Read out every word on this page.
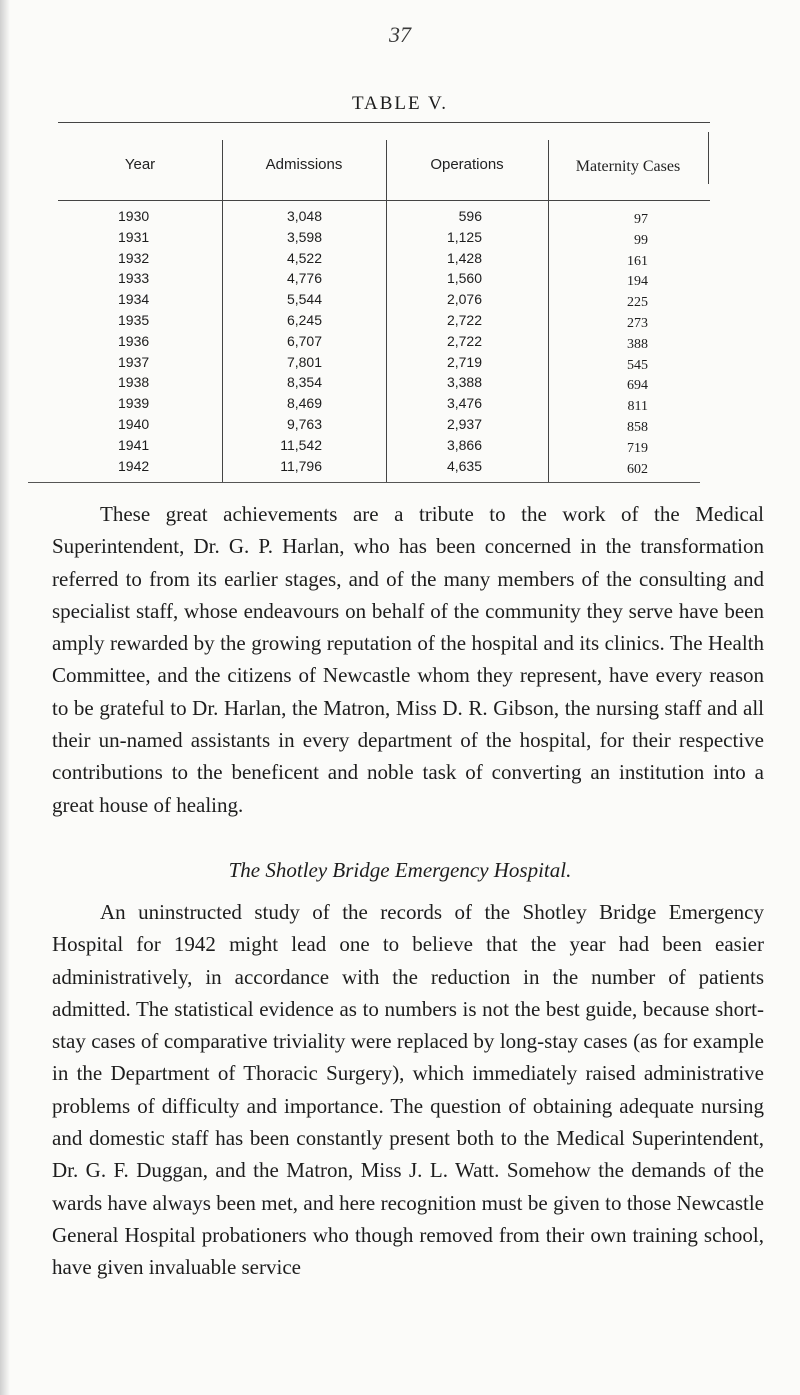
37
TABLE V.
Year	Admissions	Operations	Maternity Cases
1930	3,048	596	97
1931	3,598	1,125	99
1932	4,522	1,428	161
1933	4,776	1,560	194
1934	5,544	2,076	225
1935	6,245	2,722	273
1936	6,707	2,722	388
1937	7,801	2,719	545
1938	8,354	3,388	694
1939	8,469	3,476	811
1940	9,763	2,937	858
1941	11,542	3,866	719
1942	11,796	4,635	602

These great achievements are a tribute to the work of the Medical Superintendent, Dr. G. P. Harlan, who has been concerned in the transformation referred to from its earlier stages, and of the many members of the consulting and specialist staff, whose endeavours on behalf of the community they serve have been amply rewarded by the growing reputation of the hospital and its clinics. The Health Committee, and the citizens of Newcastle whom they represent, have every reason to be grateful to Dr. Harlan, the Matron, Miss D. R. Gibson, the nursing staff and all their un-named assistants in every department of the hospital, for their respective contributions to the beneficent and noble task of converting an institution into a great house of healing.

The Shotley Bridge Emergency Hospital.

An uninstructed study of the records of the Shotley Bridge Emergency Hospital for 1942 might lead one to believe that the year had been easier administratively, in accordance with the reduction in the number of patients admitted. The statistical evidence as to numbers is not the best guide, because short-stay cases of comparative triviality were replaced by long-stay cases (as for example in the Department of Thoracic Surgery), which immediately raised administrative problems of difficulty and importance. The question of obtaining adequate nursing and domestic staff has been constantly present both to the Medical Superintendent, Dr. G. F. Duggan, and the Matron, Miss J. L. Watt. Somehow the demands of the wards have always been met, and here recognition must be given to those Newcastle General Hospital probationers who though removed from their own training school, have given invaluable service
